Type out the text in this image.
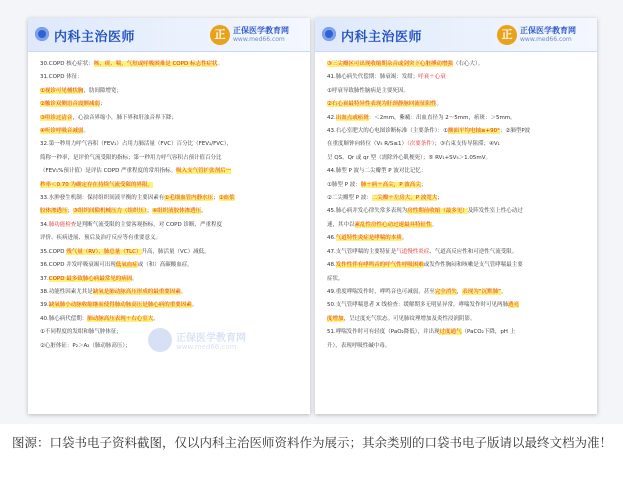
内科主治医师	正 正保医学教育网
www.med66.com
30.COPD 核心症状：咳、痰、喘，气短或呼吸困难是 COPD 标志性症状。
31.COPD 体征：
①视诊可见桶状胸，肋间隙增宽；
②触诊双侧语音震颤减弱；
③叩诊过清音，心浊音界缩小，肺下界和肝浊音界下降；
④听诊呼吸音减弱。
32.第一秒用力呼气容积（FEV₁）占用力肺活量（FVC）百分比（FEV₁/FVC），
简称一秒率，是评价气流受限的指标；第一秒用力呼气容积占预计值百分比
（FEV₁%预计值）是评估 COPD 严重程度的常用指标。吸入支气管扩张剂后一
秒率＜0.70 为确定存在持续气流受限的界限。
33.水肿發生机制：保持组织间液平衡的主要因素有①毛细血管内静水压；②血浆
胶体渗透压；③组织间隙机械压力（组织压）；④组织液胶体渗透压。
34.肺功能检查是判断气流受限的主要客观指标，对 COPD 诊断、严重程度
评价、疾病进展、预后及治疗反应等有重要意义。
35.COPD 残气量（RV）、肺总量（TLC）升高，肺活量（VC）减低。
36.COPD 并发呼吸衰竭可出现低氧血症或（和）高碳酸血症。
37.COPD 最多致肺心病最常见的病因。
38.功能性因素尤其是缺氧是肺动脉高压形成的最重要因素。
39.缺氧肺小动脉收缩继而使得肺动脉高压是肺心病的重要因素。
40.肺心病代偿期：肺动脉高压表现＋右心室大。
①不同程度的发绀和肺气肿体征；
②心脏体征：P₂＞A₂（肺动脉高压）；
正保医学教育网
www.med66.com
内科主治医师	正 正保医学教育网
www.med66.com
③三尖瓣区可出现收缩期杂音或剑突下心脏搏动增强（右心大）。
41.肺心病失代偿期：肺衰竭：发绀；呼衰＋心衰
①呼衰导致肺性脑病是主要死因。
②右心衰最特异性表现为肝颈静脉回流征阳性。
42.出血点或瘀斑：＜2mm，紫癜：出血直径为 2～5mm，瘀斑：＞5mm。
43.右心室肥大的心电图诊断标准（主要条件）：①额面平均电轴≥+90°；②肺型P波
在重度顺钟向转位（V₅ R/S≤1）（次要条件）；③右束支传导阻滞；④V₁
呈 QS、Qr 或 qr 型（需除外心肌梗死）；⑤ RV₁+SV₅＞1.05mV。
44.肺型 P 波与二尖瓣型 P 波对比记忆：
①肺型 P 波：肺＋病＋高尖，P 波高尖；
②二尖瓣型 P 波：二尖瓣＋左房大，P 波宽大；
45.肺心病并发心律失常多表现为房性期前收缩（最多见）及阵发性室上性心动过
速，其中以紊乱性房性心动过速最具特征性。
46.气道特性炎症是哮喘的本质。
47.支气管哮喘的主要特征是气道慢性炎症、气道高反应性和可逆性气流受限。
48.发作性伴有哮鸣音的呼气性呼吸困难或发作性胸闷和咳嗽是支气管哮喘最主要
症状。
49.重度哮喘发作时，哮鸣音也可减弱，甚至完全消失，表现为“沉默肺”。
50.支气管哮喘患者 X 线检查：缓解期多无明显异常，哮喘发作时可见两肺透亮
度增加，呈过度充气状态。可见肺纹理增加及炎性浸润阴影。
51.哮喘发作时可有轻度（PaO₂降低），并出现过度通气（PaCO₂下降，pH 上
升），表现呼吸性碱中毒。
图源：口袋书电子资料截图，仅以内科主治医师资料作为展示；其余类别的口袋书电子版请以最终文档为准！
